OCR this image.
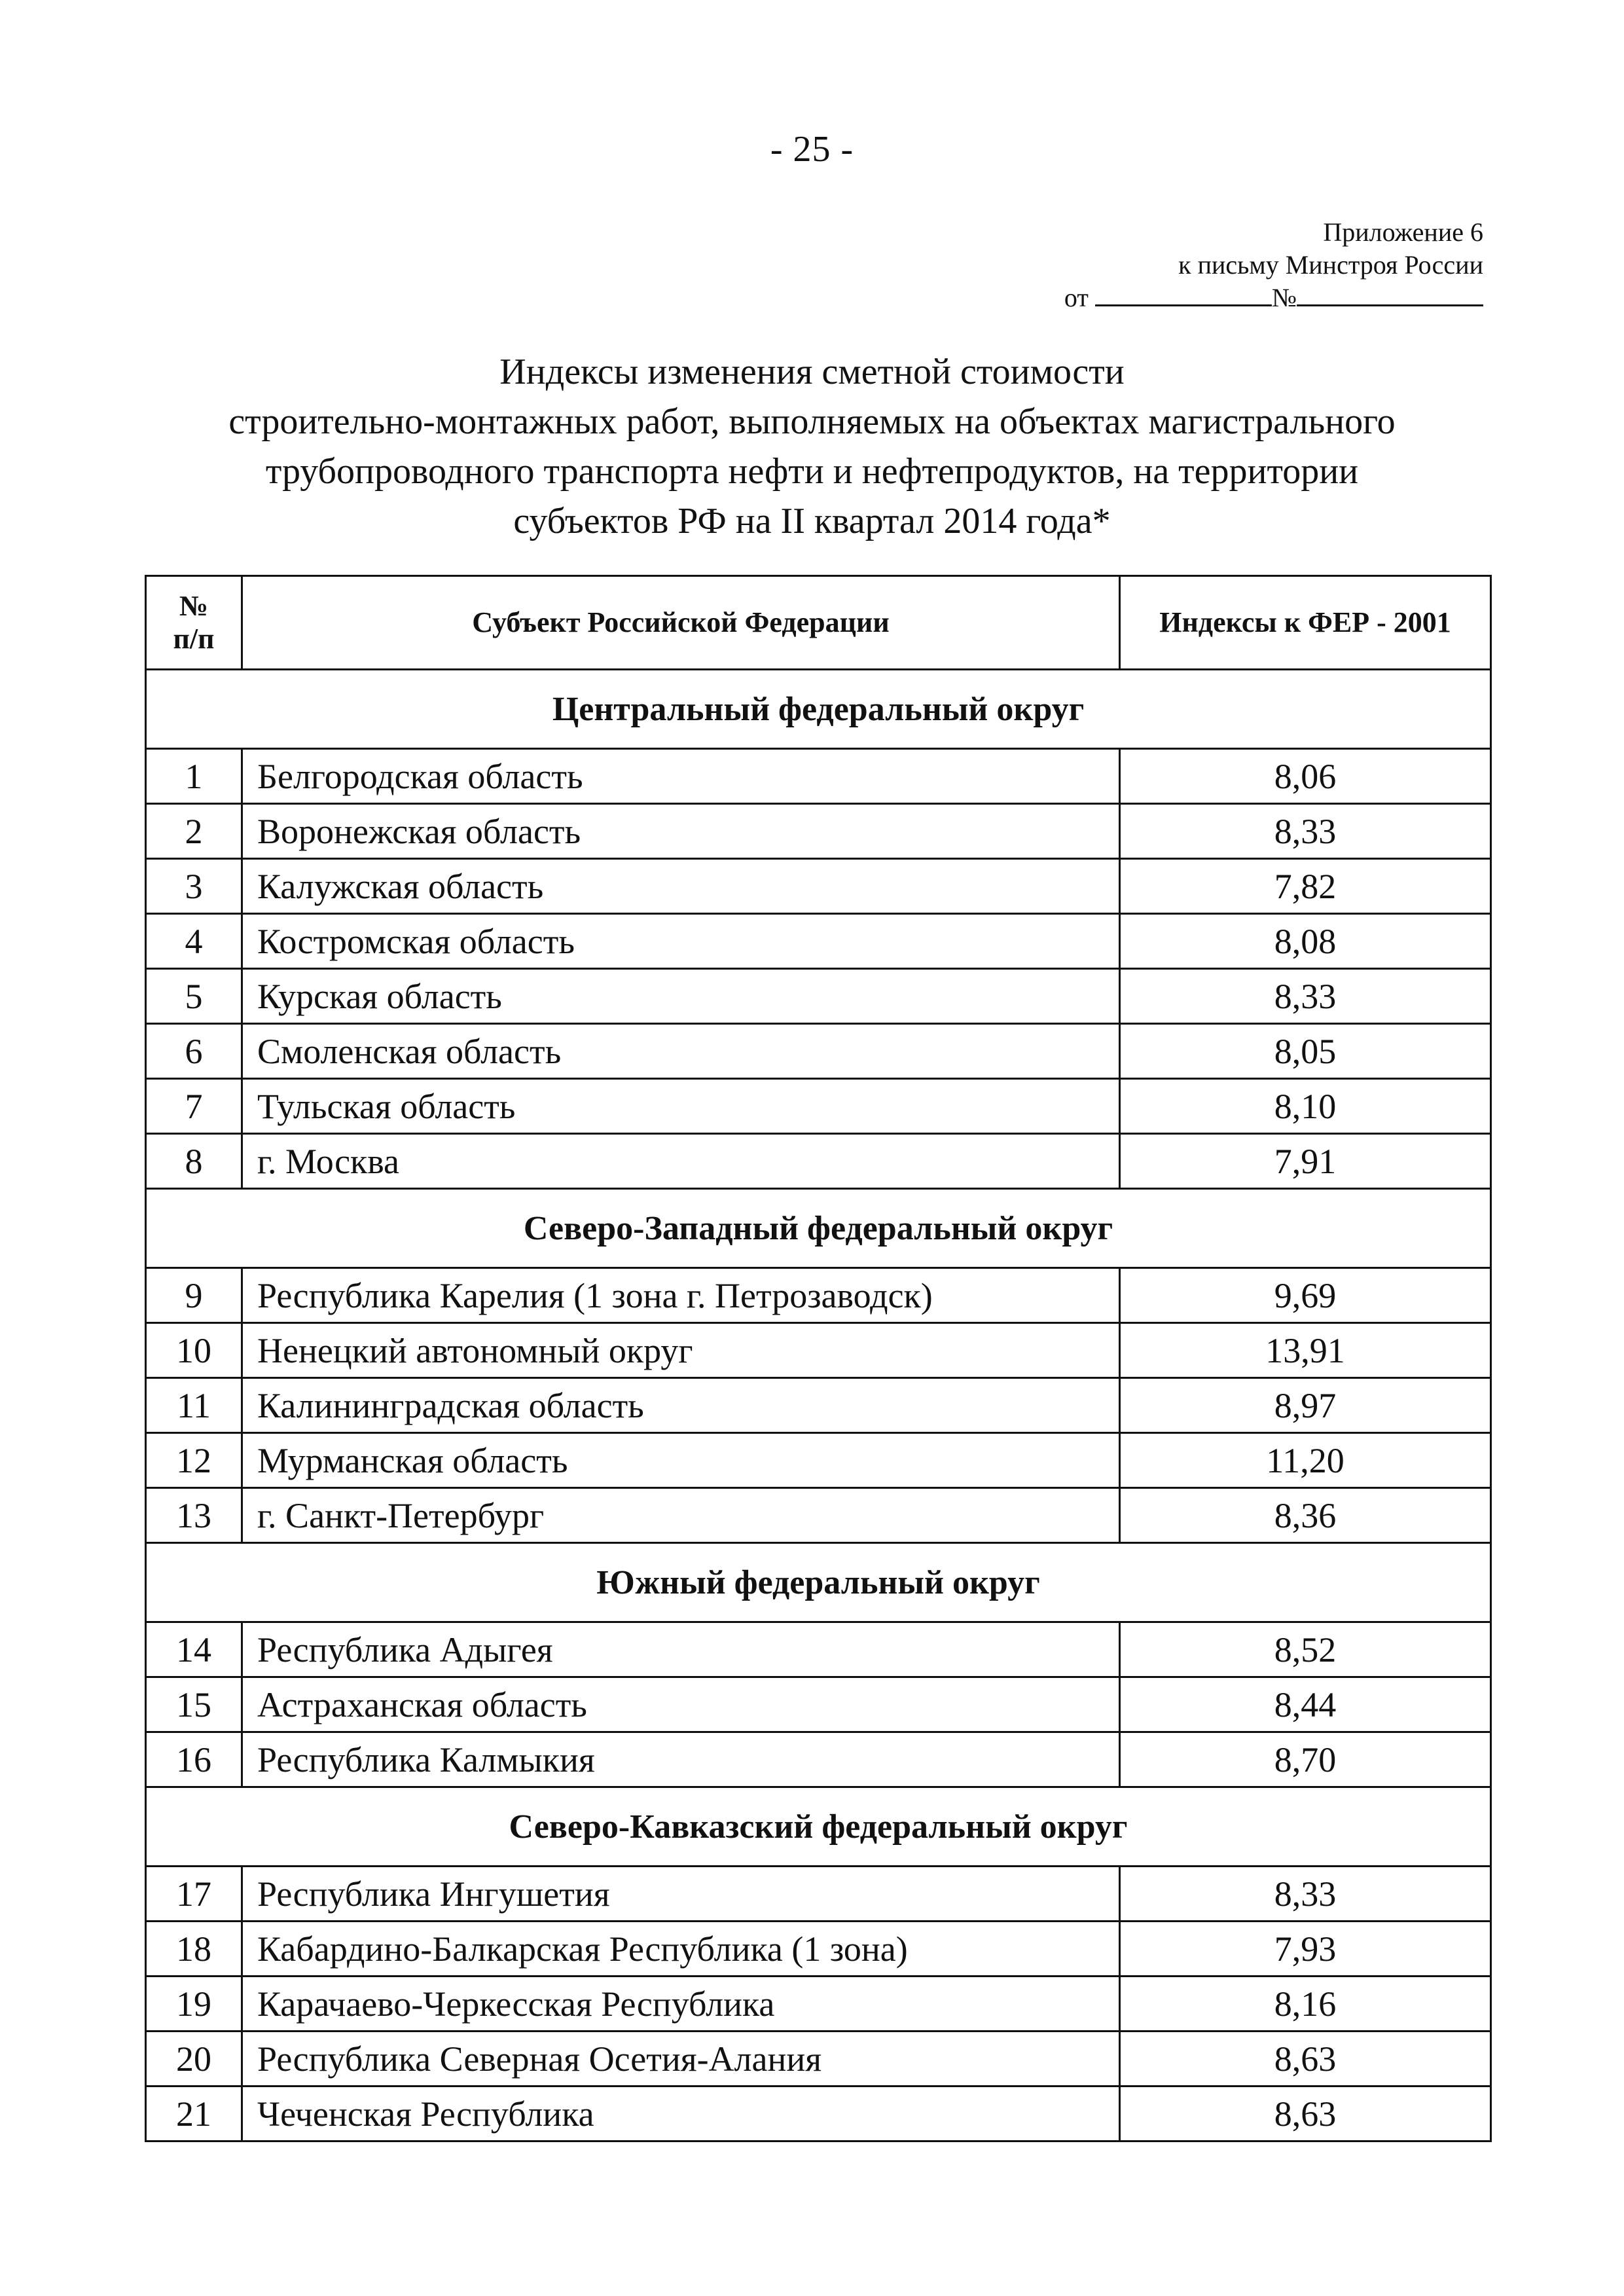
- 25 -
Приложение 6
к письму Минстроя России
от	№
Индексы изменения сметной стоимости
строительно-монтажных работ, выполняемых на объектах магистрального
трубопроводного транспорта нефти и нефтепродуктов, на территории
субъектов РФ на II квартал 2014 года*
№
п/п	Субъект Российской Федерации	Индексы к ФЕР - 2001
Центральный федеральный округ		
1	Белгородская область	8,06
2	Воронежская область	8,33
3	Калужская область	7,82
4	Костромская область	8,08
5	Курская область	8,33
6	Смоленская область	8,05
7	Тульская область	8,10
8	г. Москва	7,91
Северо-Западный федеральный округ		
9	Республика Карелия (1 зона г. Петрозаводск)	9,69
10	Ненецкий автономный округ	13,91
11	Калининградская область	8,97
12	Мурманская область	11,20
13	г. Санкт-Петербург	8,36
Южный федеральный округ		
14	Республика Адыгея	8,52
15	Астраханская область	8,44
16	Республика Калмыкия	8,70
Северо-Кавказский федеральный округ		
17	Республика Ингушетия	8,33
18	Кабардино-Балкарская Республика (1 зона)	7,93
19	Карачаево-Черкесская Республика	8,16
20	Республика Северная Осетия-Алания	8,63
21	Чеченская Республика	8,63
